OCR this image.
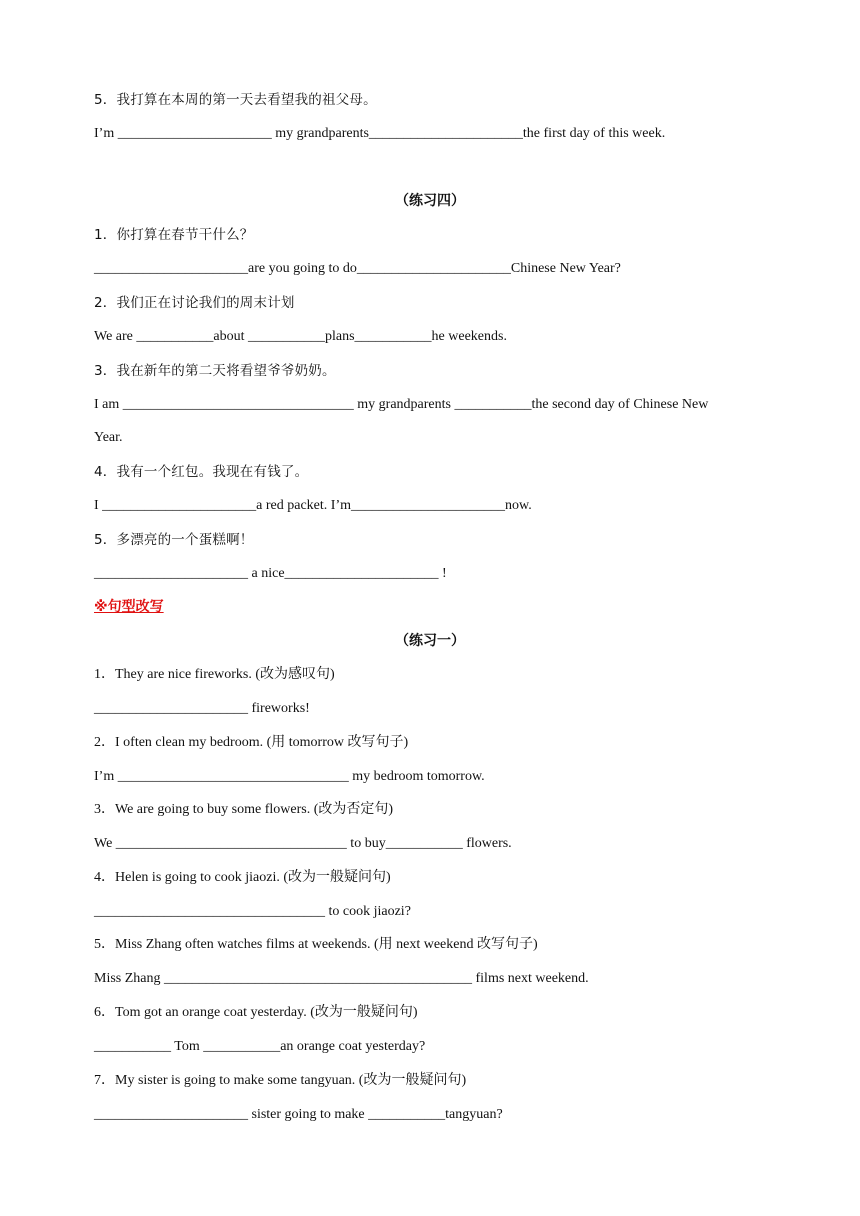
5．我打算在本周的第一天去看望我的祖父母。
I’m ______________________ my grandparents______________________the first day of this week.
（练习四）
1．你打算在春节干什么？
______________________are you going to do______________________Chinese New Year?
2．我们正在讨论我们的周末计划
We are ___________about ___________plans___________he weekends.
3．我在新年的第二天将看望爷爷奶奶。
I am _________________________________ my grandparents ___________the second day of Chinese New
Year.
4．我有一个红包。我现在有钱了。
I ______________________a red packet. I’m______________________now.
5．多漂亮的一个蛋糕啊！
______________________ a nice______________________ !
※句型改写
（练习一）
1．They are nice fireworks. (改为感叹句)
______________________ fireworks!
2．I often clean my bedroom. (用 tomorrow 改写句子)
I’m _________________________________ my bedroom tomorrow.
3．We are going to buy some flowers. (改为否定句)
We _________________________________ to buy___________ flowers.
4．Helen is going to cook jiaozi. (改为一般疑问句)
_________________________________ to cook jiaozi?
5．Miss Zhang often watches films at weekends. (用 next weekend 改写句子)
Miss Zhang ____________________________________________ films next weekend.
6．Tom got an orange coat yesterday. (改为一般疑问句)
___________ Tom ___________an orange coat yesterday?
7．My sister is going to make some tangyuan. (改为一般疑问句)
______________________ sister going to make ___________tangyuan?
